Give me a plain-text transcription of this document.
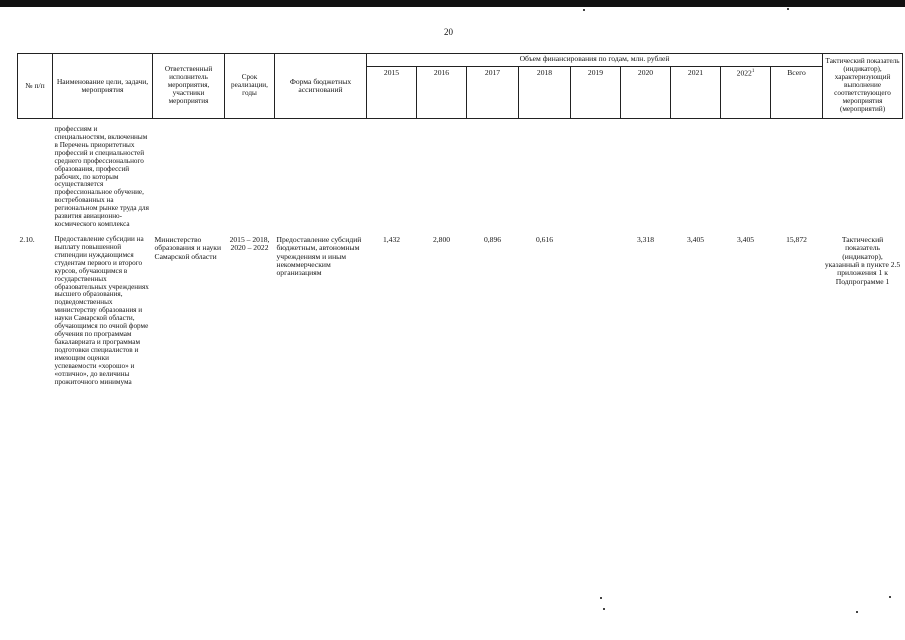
20
№ п/п	Наименование цели, задачи, мероприятия	Ответственный исполнитель мероприятия, участники мероприятия	Срок реализации, годы	Форма бюджетных ассигнований	Объем финансирования по годам, млн. рублей									Тактический показатель (индикатор), характеризующий выполнение соответствующего мероприятия (мероприятий)
					2015	2016	2017	2018	2019	2020	2021	2022$^1$	Всего	
	профессиям и специальностям, включенным в Перечень приоритетных профессий и специальностей среднего профессионального образования, профессий рабочих, по которым осуществляется профессиональное обучение, востребованных на региональном рынке труда для развития авиационно-космического комплекса													
2.10.	Предоставление субсидии на выплату повышенной стипендии нуждающимся студентам первого и второго курсов, обучающимся в государственных образовательных учреждениях высшего образования, подведомственных министерству образования и науки Самарской области, обучающимся по очной форме обучения по программам бакалавриата и программам подготовки специалистов и имеющим оценки успеваемости «хорошо» и «отлично», до величины прожиточного минимума	Министерство образования и науки Самарской области	2015 – 2018, 2020 – 2022	Предоставление субсидий бюджетным, автономным учреждениям и иным некоммерческим организациям	1,432	2,800	0,896	0,616		3,318	3,405	3,405	15,872	Тактический показатель (индикатор), указанный в пункте 2.5 приложения 1 к Подпрограмме 1
